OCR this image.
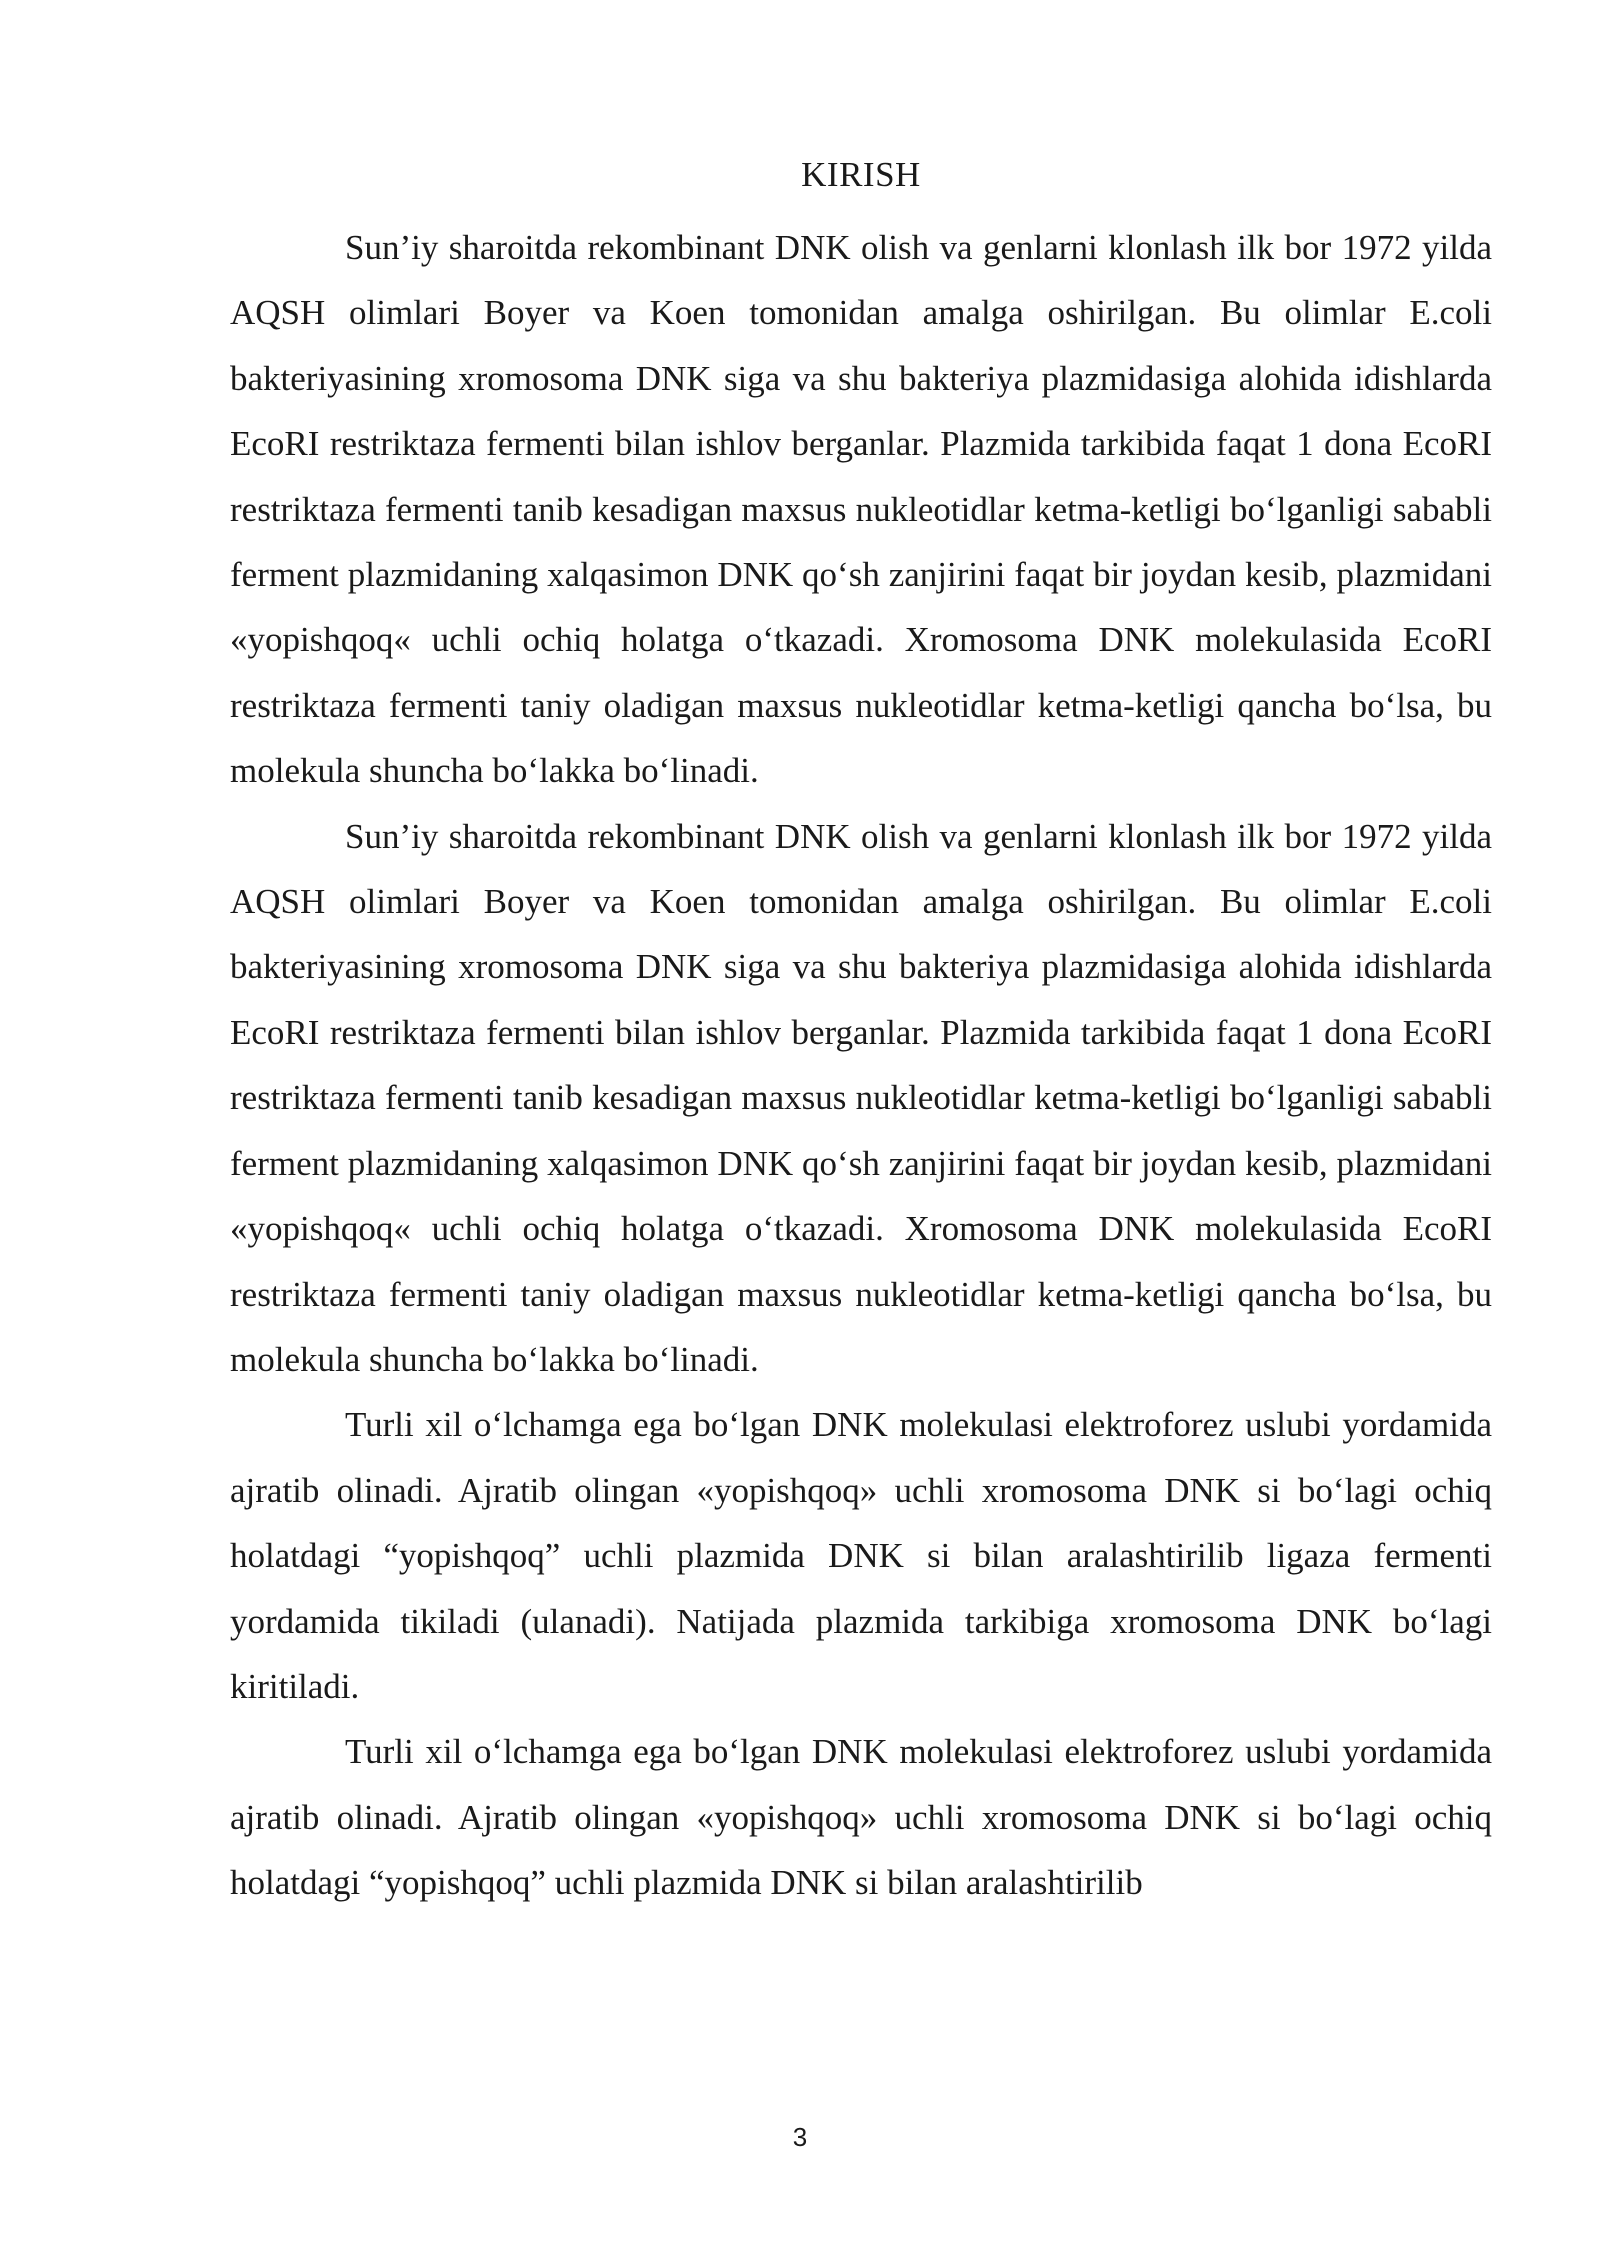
KIRISH

Sun’iy sharoitda rekombinant DNK olish va genlarni klonlash ilk bor 1972 yilda AQSH olimlari Boyer va Koen tomonidan amalga oshirilgan. Bu olimlar E.coli bakteriyasining xromosoma DNK siga va shu bakteriya plazmidasiga alohida idishlarda EcoRI restriktaza fermenti bilan ishlov berganlar. Plazmida tarkibida faqat 1 dona EcoRI restriktaza fermenti tanib kesadigan maxsus nukleotidlar ketma-ketligi bo‘lganligi sababli ferment plazmidaning xalqasimon DNK qo‘sh zanjirini faqat bir joydan kesib, plazmidani «yopishqoq« uchli ochiq holatga o‘tkazadi. Xromosoma DNK molekulasida EcoRI restriktaza fermenti taniy oladigan maxsus nukleotidlar ketma-ketligi qancha bo‘lsa, bu molekula shuncha bo‘lakka bo‘linadi.

Sun’iy sharoitda rekombinant DNK olish va genlarni klonlash ilk bor 1972 yilda AQSH olimlari Boyer va Koen tomonidan amalga oshirilgan. Bu olimlar E.coli bakteriyasining xromosoma DNK siga va shu bakteriya plazmidasiga alohida idishlarda EcoRI restriktaza fermenti bilan ishlov berganlar. Plazmida tarkibida faqat 1 dona EcoRI restriktaza fermenti tanib kesadigan maxsus nukleotidlar ketma-ketligi bo‘lganligi sababli ferment plazmidaning xalqasimon DNK qo‘sh zanjirini faqat bir joydan kesib, plazmidani «yopishqoq« uchli ochiq holatga o‘tkazadi. Xromosoma DNK molekulasida EcoRI restriktaza fermenti taniy oladigan maxsus nukleotidlar ketma-ketligi qancha bo‘lsa, bu molekula shuncha bo‘lakka bo‘linadi.

Turli xil o‘lchamga ega bo‘lgan DNK molekulasi elektroforez uslubi yordamida ajratib olinadi. Ajratib olingan «yopishqoq» uchli xromosoma DNK si bo‘lagi ochiq holatdagi “yopishqoq” uchli plazmida DNK si bilan aralashtirilib ligaza fermenti yordamida tikiladi (ulanadi). Natijada plazmida tarkibiga xromosoma DNK bo‘lagi kiritiladi.

Turli xil o‘lchamga ega bo‘lgan DNK molekulasi elektroforez uslubi yordamida ajratib olinadi. Ajratib olingan «yopishqoq» uchli xromosoma DNK si bo‘lagi ochiq holatdagi “yopishqoq” uchli plazmida DNK si bilan aralashtirilib

3
